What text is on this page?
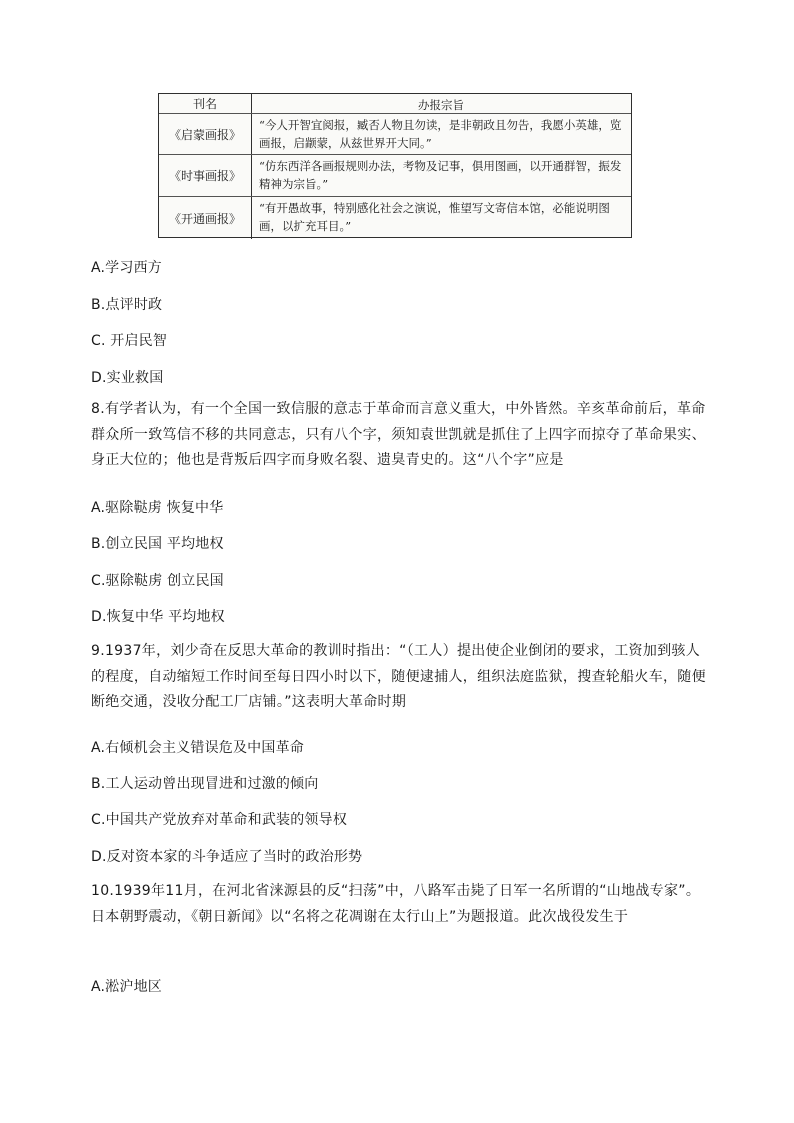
刊名	办报宗旨
《启蒙画报》
“今人开智宜阅报，臧否人物且勿读，是非朝政且勿告，我愿小英雄，览画报，启颛蒙，从兹世界开大同。”
《时事画报》
“仿东西洋各画报规则办法，考物及记事，俱用图画，以开通群智，振发精神为宗旨。”
《开通画报》
“有开愚故事，特别感化社会之演说，惟望写文寄信本馆，必能说明图画，以扩充耳目。”
A.学习西方
B.点评时政
C. 开启民智
D.实业救国
8.有学者认为，有一个全国一致信服的意志于革命而言意义重大，中外皆然。辛亥革命前后，革命群众所一致笃信不移的共同意志，只有八个字，须知袁世凯就是抓住了上四字而掠夺了革命果实、身正大位的；他也是背叛后四字而身败名裂、遗臭青史的。这“八个字”应是
A.驱除鞑虏 恢复中华
B.创立民国 平均地权
C.驱除鞑虏 创立民国
D.恢复中华 平均地权
9.1937年，刘少奇在反思大革命的教训时指出：“（工人）提出使企业倒闭的要求，工资加到骇人的程度，自动缩短工作时间至每日四小时以下，随便逮捕人，组织法庭监狱，搜查轮船火车，随便断绝交通，没收分配工厂店铺。”这表明大革命时期
A.右倾机会主义错误危及中国革命
B.工人运动曾出现冒进和过激的倾向
C.中国共产党放弃对革命和武装的领导权
D.反对资本家的斗争适应了当时的政治形势
10.1939年11月，在河北省涞源县的反“扫荡”中，八路军击毙了日军一名所谓的“山地战专家”。日本朝野震动，《朝日新闻》以“名将之花凋谢在太行山上”为题报道。此次战役发生于
A.淞沪地区
